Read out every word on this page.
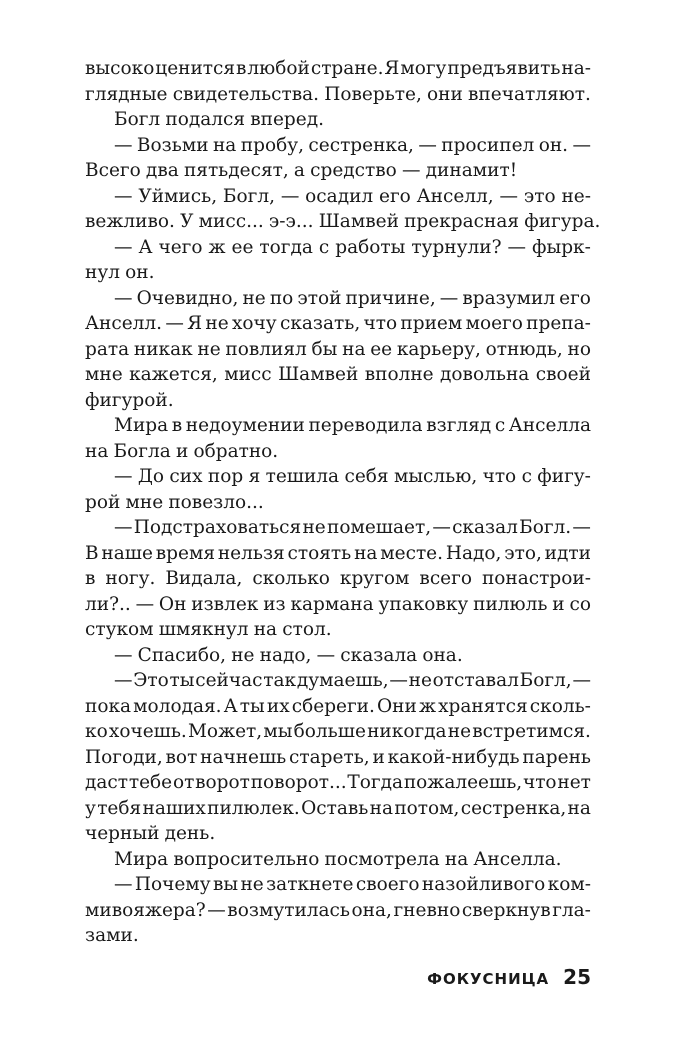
высоко ценится в любой стране. Я могу предъявить на-
глядные свидетельства. Поверьте, они впечатляют.
Богл подался вперед.
— Возьми на пробу, сестренка, — просипел он. —
Всего два пятьдесят, а средство — динамит!
— Уймись, Богл, — осадил его Анселл, — это не-
вежливо. У мисс... э-э... Шамвей прекрасная фигура.
— А чего ж ее тогда с работы турнули? — фырк-
нул он.
— Очевидно, не по этой причине, — вразумил его
Анселл. — Я не хочу сказать, что прием моего препа-
рата никак не повлиял бы на ее карьеру, отнюдь, но
мне кажется, мисс Шамвей вполне довольна своей
фигурой.
Мира в недоумении переводила взгляд с Анселла
на Богла и обратно.
— До сих пор я тешила себя мыслью, что с фигу-
рой мне повезло...
— Подстраховаться не помешает, — сказал Богл. —
В наше время нельзя стоять на месте. Надо, это, идти
в ногу. Видала, сколько кругом всего понастрои-
ли?.. — Он извлек из кармана упаковку пилюль и со
стуком шмякнул на стол.
— Спасибо, не надо, — сказала она.
— Это ты сейчас так думаешь, — не отставал Богл, —
пока молодая. А ты их сбереги. Они ж хранятся сколь-
ко хочешь. Может, мы больше никогда не встретимся.
Погоди, вот начнешь стареть, и какой-нибудь парень
даст тебе от ворот поворот... Тогда пожалеешь, что нет
у тебя наших пилюлек. Оставь на потом, сестренка, на
черный день.
Мира вопросительно посмотрела на Анселла.
— Почему вы не заткнете своего назойливого ком-
мивояжера? — возмутилась она, гневно сверкнув гла-
зами.
ФОКУСНИЦА 25
